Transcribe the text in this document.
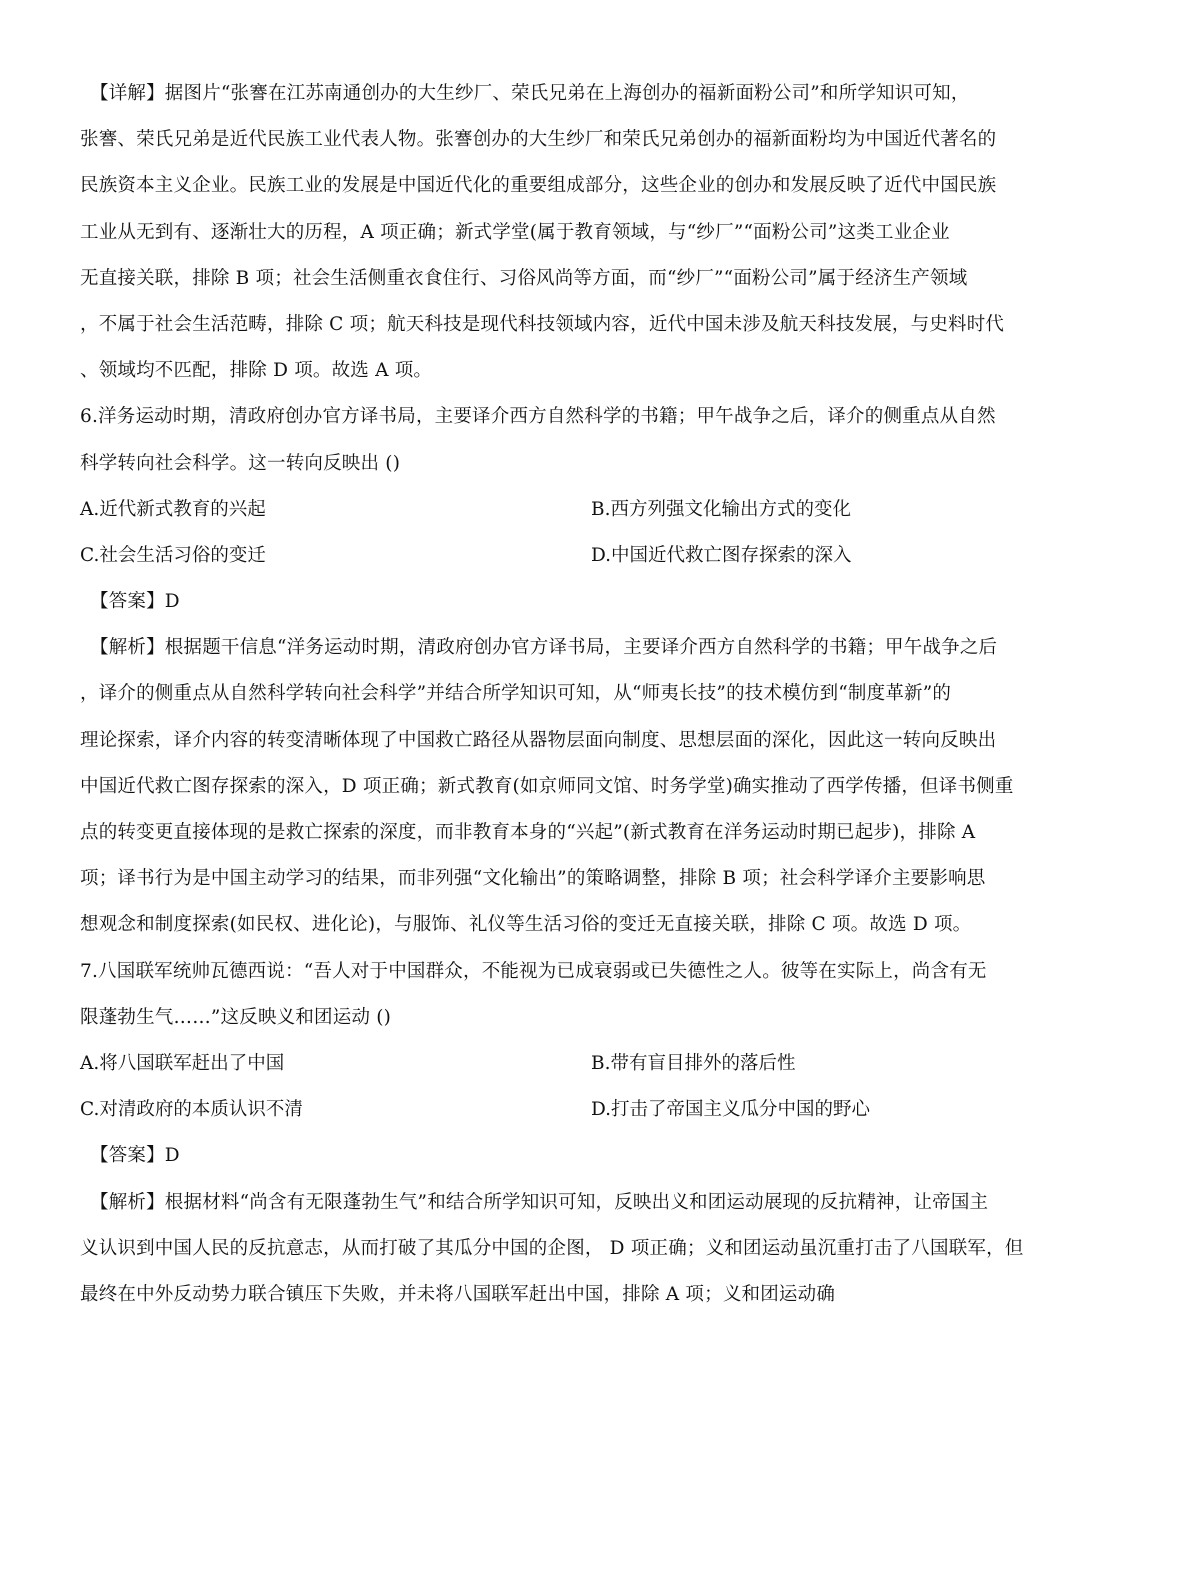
【详解】据图片“张謇在江苏南通创办的大生纱厂、荣氏兄弟在上海创办的福新面粉公司”和所学知识可知，
张謇、荣氏兄弟是近代民族工业代表人物。张謇创办的大生纱厂和荣氏兄弟创办的福新面粉均为中国近代著名的
民族资本主义企业。民族工业的发展是中国近代化的重要组成部分，这些企业的创办和发展反映了近代中国民族
工业从无到有、逐渐壮大的历程，A 项正确；新式学堂(属于教育领域，与“纱厂”“面粉公司”这类工业企业
无直接关联，排除 B 项；社会生活侧重衣食住行、习俗风尚等方面，而“纱厂”“面粉公司”属于经济生产领域
，不属于社会生活范畴，排除 C 项；航天科技是现代科技领域内容，近代中国未涉及航天科技发展，与史料时代
、领域均不匹配，排除 D 项。故选 A 项。
6.洋务运动时期，清政府创办官方译书局，主要译介西方自然科学的书籍；甲午战争之后，译介的侧重点从自然
科学转向社会科学。这一转向反映出 ()
A.近代新式教育的兴起	B.西方列强文化输出方式的变化
C.社会生活习俗的变迁	D.中国近代救亡图存探索的深入
【答案】D
【解析】根据题干信息“洋务运动时期，清政府创办官方译书局，主要译介西方自然科学的书籍；甲午战争之后
，译介的侧重点从自然科学转向社会科学”并结合所学知识可知，从“师夷长技”的技术模仿到“制度革新”的
理论探索，译介内容的转变清晰体现了中国救亡路径从器物层面向制度、思想层面的深化，因此这一转向反映出
中国近代救亡图存探索的深入，D 项正确；新式教育(如京师同文馆、时务学堂)确实推动了西学传播，但译书侧重
点的转变更直接体现的是救亡探索的深度，而非教育本身的“兴起”(新式教育在洋务运动时期已起步)，排除 A
项；译书行为是中国主动学习的结果，而非列强“文化输出”的策略调整，排除 B 项；社会科学译介主要影响思
想观念和制度探索(如民权、进化论)，与服饰、礼仪等生活习俗的变迁无直接关联，排除 C 项。故选 D 项。
7.八国联军统帅瓦德西说：“吾人对于中国群众，不能视为已成衰弱或已失德性之人。彼等在实际上，尚含有无
限蓬勃生气……”这反映义和团运动 ()
A.将八国联军赶出了中国	B.带有盲目排外的落后性
C.对清政府的本质认识不清	D.打击了帝国主义瓜分中国的野心
【答案】D
【解析】根据材料“尚含有无限蓬勃生气”和结合所学知识可知，反映出义和团运动展现的反抗精神，让帝国主
义认识到中国人民的反抗意志，从而打破了其瓜分中国的企图， D 项正确；义和团运动虽沉重打击了八国联军，但
最终在中外反动势力联合镇压下失败，并未将八国联军赶出中国，排除 A 项；义和团运动确
